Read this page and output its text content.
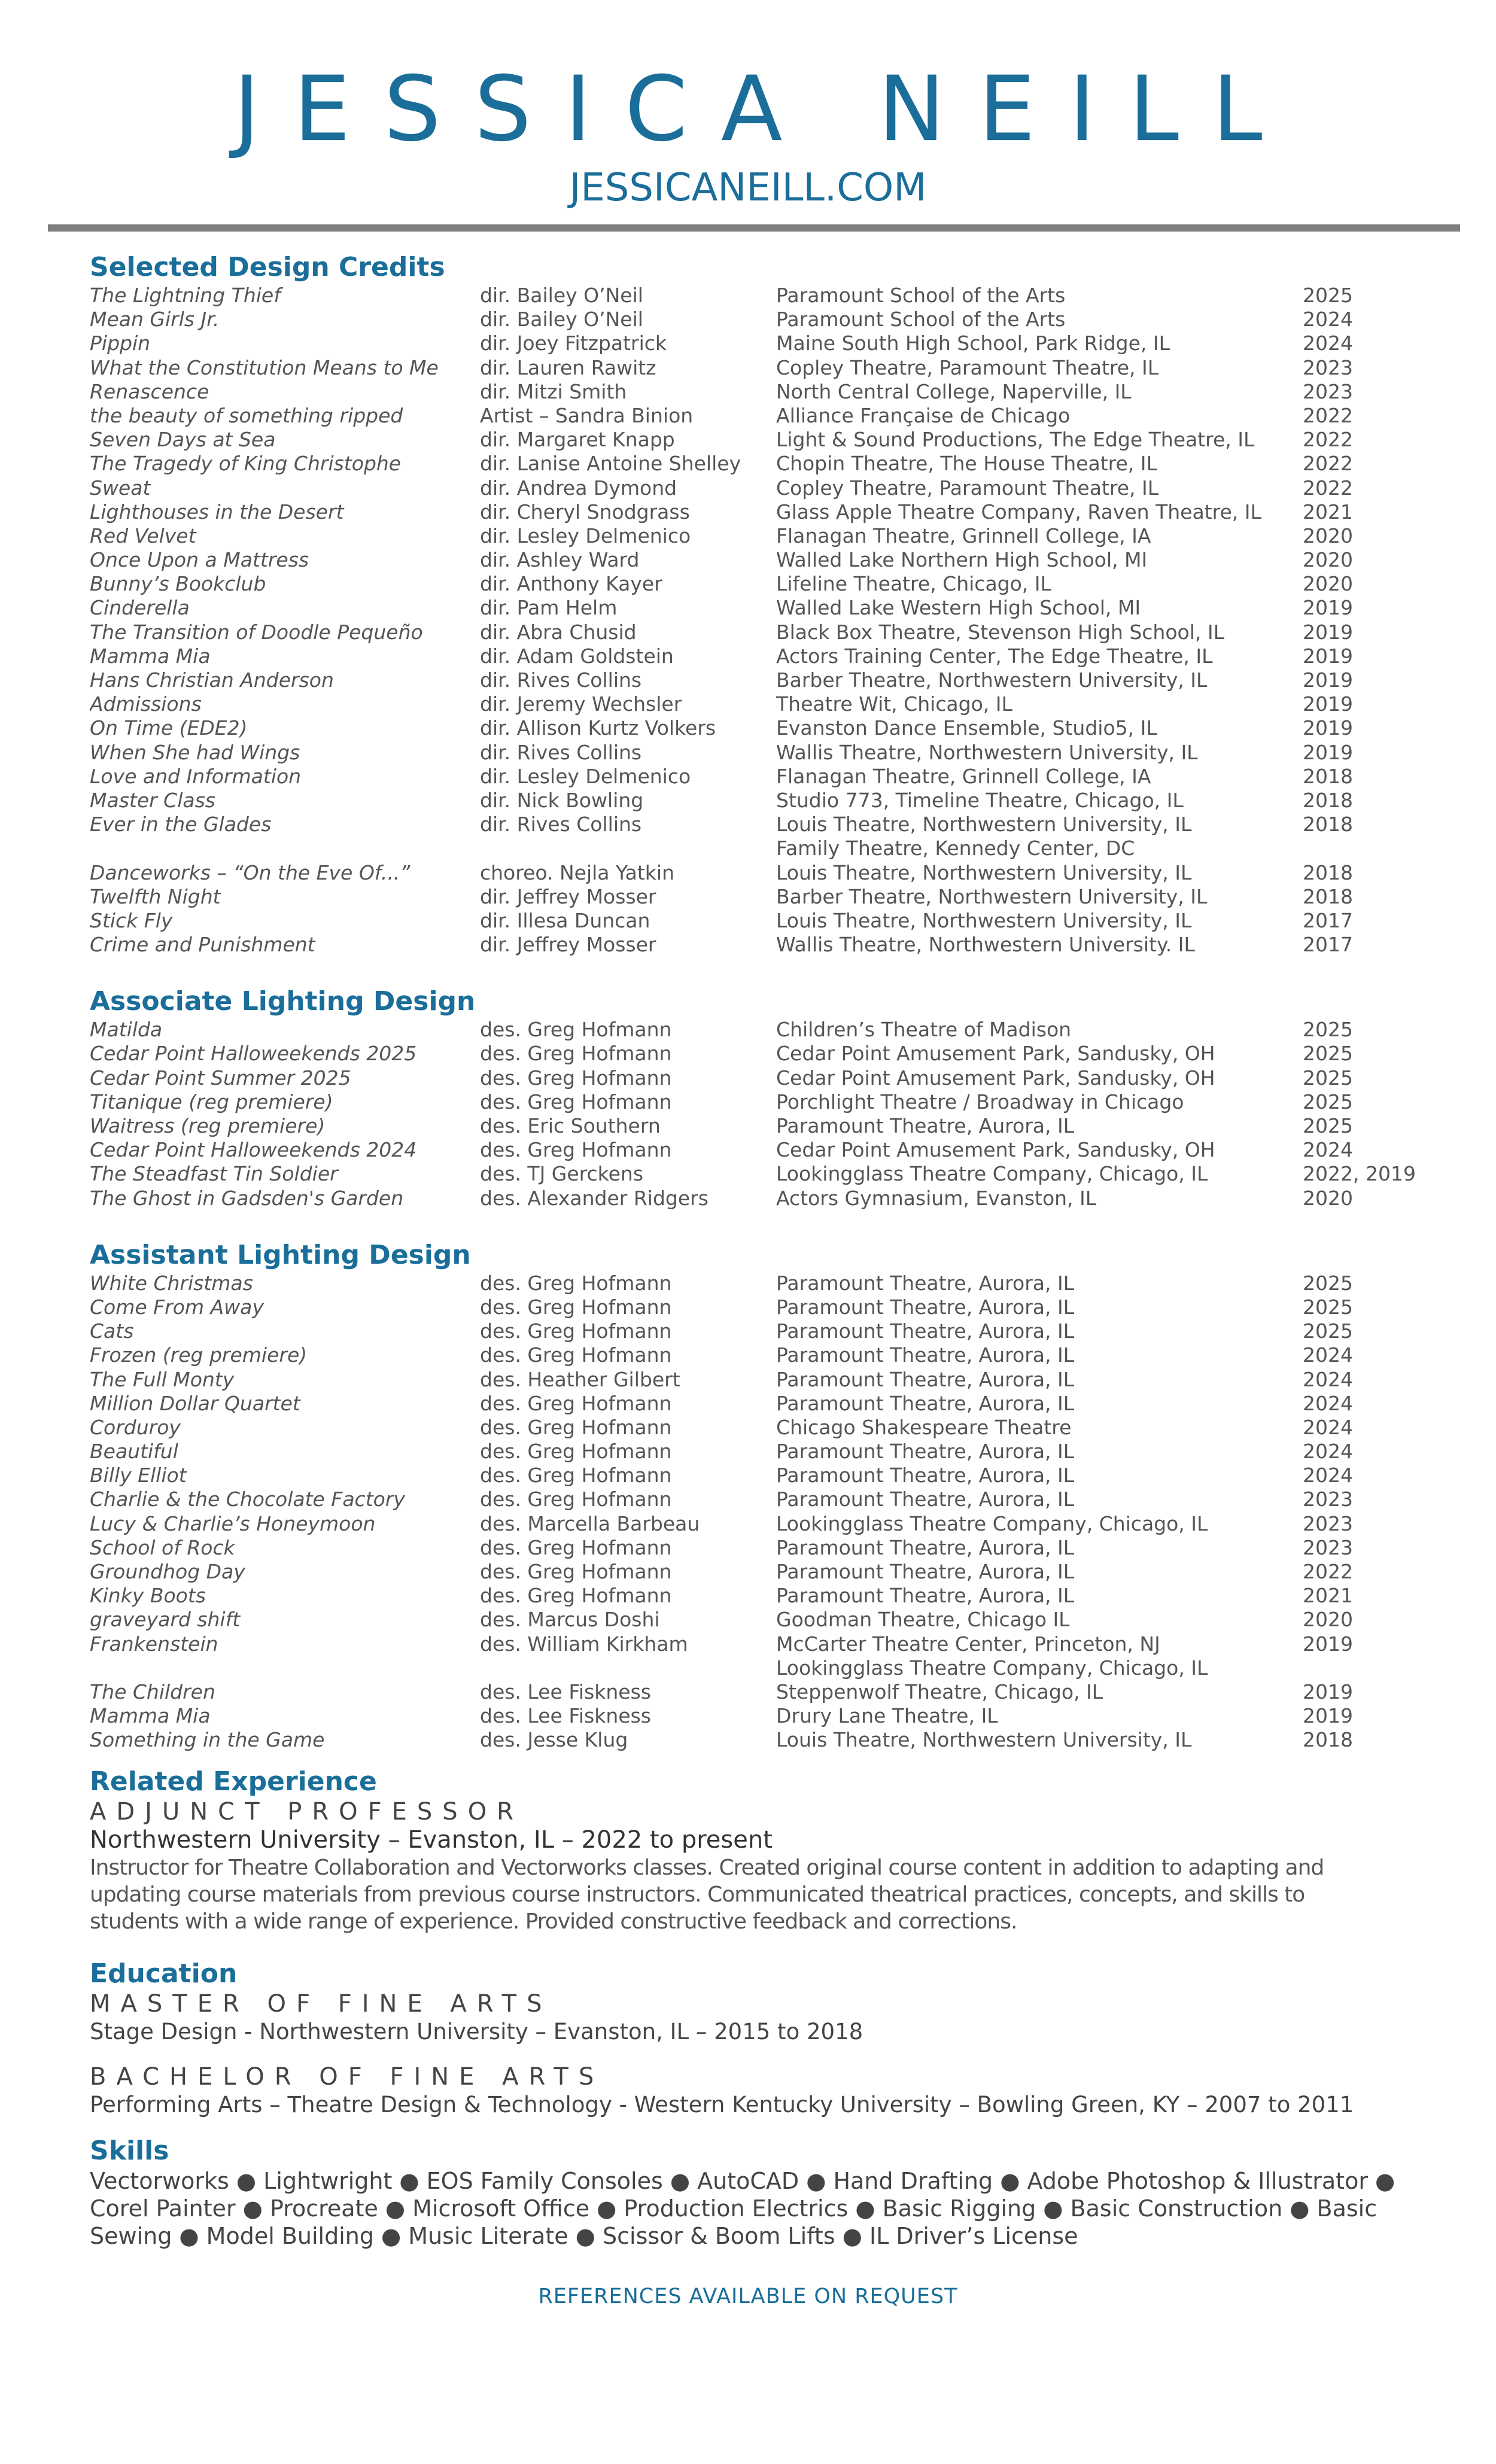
JESSICA NEILL
JESSICANEILL.COM
Selected Design Credits
The Lightning Thief	dir. Bailey O’Neil	Paramount School of the Arts	2025
Mean Girls Jr.	dir. Bailey O’Neil	Paramount School of the Arts	2024
Pippin	dir. Joey Fitzpatrick	Maine South High School, Park Ridge, IL	2024
What the Constitution Means to Me	dir. Lauren Rawitz	Copley Theatre, Paramount Theatre, IL	2023
Renascence	dir. Mitzi Smith	North Central College, Naperville, IL	2023
the beauty of something ripped	Artist – Sandra Binion	Alliance Française de Chicago	2022
Seven Days at Sea	dir. Margaret Knapp	Light & Sound Productions, The Edge Theatre, IL	2022
The Tragedy of King Christophe	dir. Lanise Antoine Shelley	Chopin Theatre, The House Theatre, IL	2022
Sweat	dir. Andrea Dymond	Copley Theatre, Paramount Theatre, IL	2022
Lighthouses in the Desert	dir. Cheryl Snodgrass	Glass Apple Theatre Company, Raven Theatre, IL	2021
Red Velvet	dir. Lesley Delmenico	Flanagan Theatre, Grinnell College, IA	2020
Once Upon a Mattress	dir. Ashley Ward	Walled Lake Northern High School, MI	2020
Bunny’s Bookclub	dir. Anthony Kayer	Lifeline Theatre, Chicago, IL	2020
Cinderella	dir. Pam Helm	Walled Lake Western High School, MI	2019
The Transition of Doodle Pequeño	dir. Abra Chusid	Black Box Theatre, Stevenson High School, IL	2019
Mamma Mia	dir. Adam Goldstein	Actors Training Center, The Edge Theatre, IL	2019
Hans Christian Anderson	dir. Rives Collins	Barber Theatre, Northwestern University, IL	2019
Admissions	dir. Jeremy Wechsler	Theatre Wit, Chicago, IL	2019
On Time (EDE2)	dir. Allison Kurtz Volkers	Evanston Dance Ensemble, Studio5, IL	2019
When She had Wings	dir. Rives Collins	Wallis Theatre, Northwestern University, IL	2019
Love and Information	dir. Lesley Delmenico	Flanagan Theatre, Grinnell College, IA	2018
Master Class	dir. Nick Bowling	Studio 773, Timeline Theatre, Chicago, IL	2018
Ever in the Glades	dir. Rives Collins	Louis Theatre, Northwestern University, IL	2018
Family Theatre, Kennedy Center, DC
Danceworks – “On the Eve Of...”	choreo. Nejla Yatkin	Louis Theatre, Northwestern University, IL	2018
Twelfth Night	dir. Jeffrey Mosser	Barber Theatre, Northwestern University, IL	2018
Stick Fly	dir. Illesa Duncan	Louis Theatre, Northwestern University, IL	2017
Crime and Punishment	dir. Jeffrey Mosser	Wallis Theatre, Northwestern University. IL	2017
Associate Lighting Design
Matilda	des. Greg Hofmann	Children’s Theatre of Madison	2025
Cedar Point Halloweekends 2025	des. Greg Hofmann	Cedar Point Amusement Park, Sandusky, OH	2025
Cedar Point Summer 2025	des. Greg Hofmann	Cedar Point Amusement Park, Sandusky, OH	2025
Titanique (reg premiere)	des. Greg Hofmann	Porchlight Theatre / Broadway in Chicago	2025
Waitress (reg premiere)	des. Eric Southern	Paramount Theatre, Aurora, IL	2025
Cedar Point Halloweekends 2024	des. Greg Hofmann	Cedar Point Amusement Park, Sandusky, OH	2024
The Steadfast Tin Soldier	des. TJ Gerckens	Lookingglass Theatre Company, Chicago, IL	2022, 2019
The Ghost in Gadsden's Garden	des. Alexander Ridgers	Actors Gymnasium, Evanston, IL	2020
Assistant Lighting Design
White Christmas	des. Greg Hofmann	Paramount Theatre, Aurora, IL	2025
Come From Away	des. Greg Hofmann	Paramount Theatre, Aurora, IL	2025
Cats	des. Greg Hofmann	Paramount Theatre, Aurora, IL	2025
Frozen (reg premiere)	des. Greg Hofmann	Paramount Theatre, Aurora, IL	2024
The Full Monty	des. Heather Gilbert	Paramount Theatre, Aurora, IL	2024
Million Dollar Quartet	des. Greg Hofmann	Paramount Theatre, Aurora, IL	2024
Corduroy	des. Greg Hofmann	Chicago Shakespeare Theatre	2024
Beautiful	des. Greg Hofmann	Paramount Theatre, Aurora, IL	2024
Billy Elliot	des. Greg Hofmann	Paramount Theatre, Aurora, IL	2024
Charlie & the Chocolate Factory	des. Greg Hofmann	Paramount Theatre, Aurora, IL	2023
Lucy & Charlie’s Honeymoon	des. Marcella Barbeau	Lookingglass Theatre Company, Chicago, IL	2023
School of Rock	des. Greg Hofmann	Paramount Theatre, Aurora, IL	2023
Groundhog Day	des. Greg Hofmann	Paramount Theatre, Aurora, IL	2022
Kinky Boots	des. Greg Hofmann	Paramount Theatre, Aurora, IL	2021
graveyard shift	des. Marcus Doshi	Goodman Theatre, Chicago IL	2020
Frankenstein	des. William Kirkham	McCarter Theatre Center, Princeton, NJ	2019
Lookingglass Theatre Company, Chicago, IL
The Children	des. Lee Fiskness	Steppenwolf Theatre, Chicago, IL	2019
Mamma Mia	des. Lee Fiskness	Drury Lane Theatre, IL	2019
Something in the Game	des. Jesse Klug	Louis Theatre, Northwestern University, IL	2018
Related Experience
ADJUNCT PROFESSOR
Northwestern University – Evanston, IL – 2022 to present
Instructor for Theatre Collaboration and Vectorworks classes. Created original course content in addition to adapting and updating course materials from previous course instructors. Communicated theatrical practices, concepts, and skills to students with a wide range of experience. Provided constructive feedback and corrections.
Education
MASTER OF FINE ARTS
Stage Design - Northwestern University – Evanston, IL – 2015 to 2018
BACHELOR OF FINE ARTS
Performing Arts – Theatre Design & Technology - Western Kentucky University – Bowling Green, KY – 2007 to 2011
Skills
Vectorworks ● Lightwright ● EOS Family Consoles ● AutoCAD ● Hand Drafting ● Adobe Photoshop & Illustrator ● Corel Painter ● Procreate ● Microsoft Office ● Production Electrics ● Basic Rigging ● Basic Construction ● Basic Sewing ● Model Building ● Music Literate ● Scissor & Boom Lifts ● IL Driver’s License
REFERENCES AVAILABLE ON REQUEST
